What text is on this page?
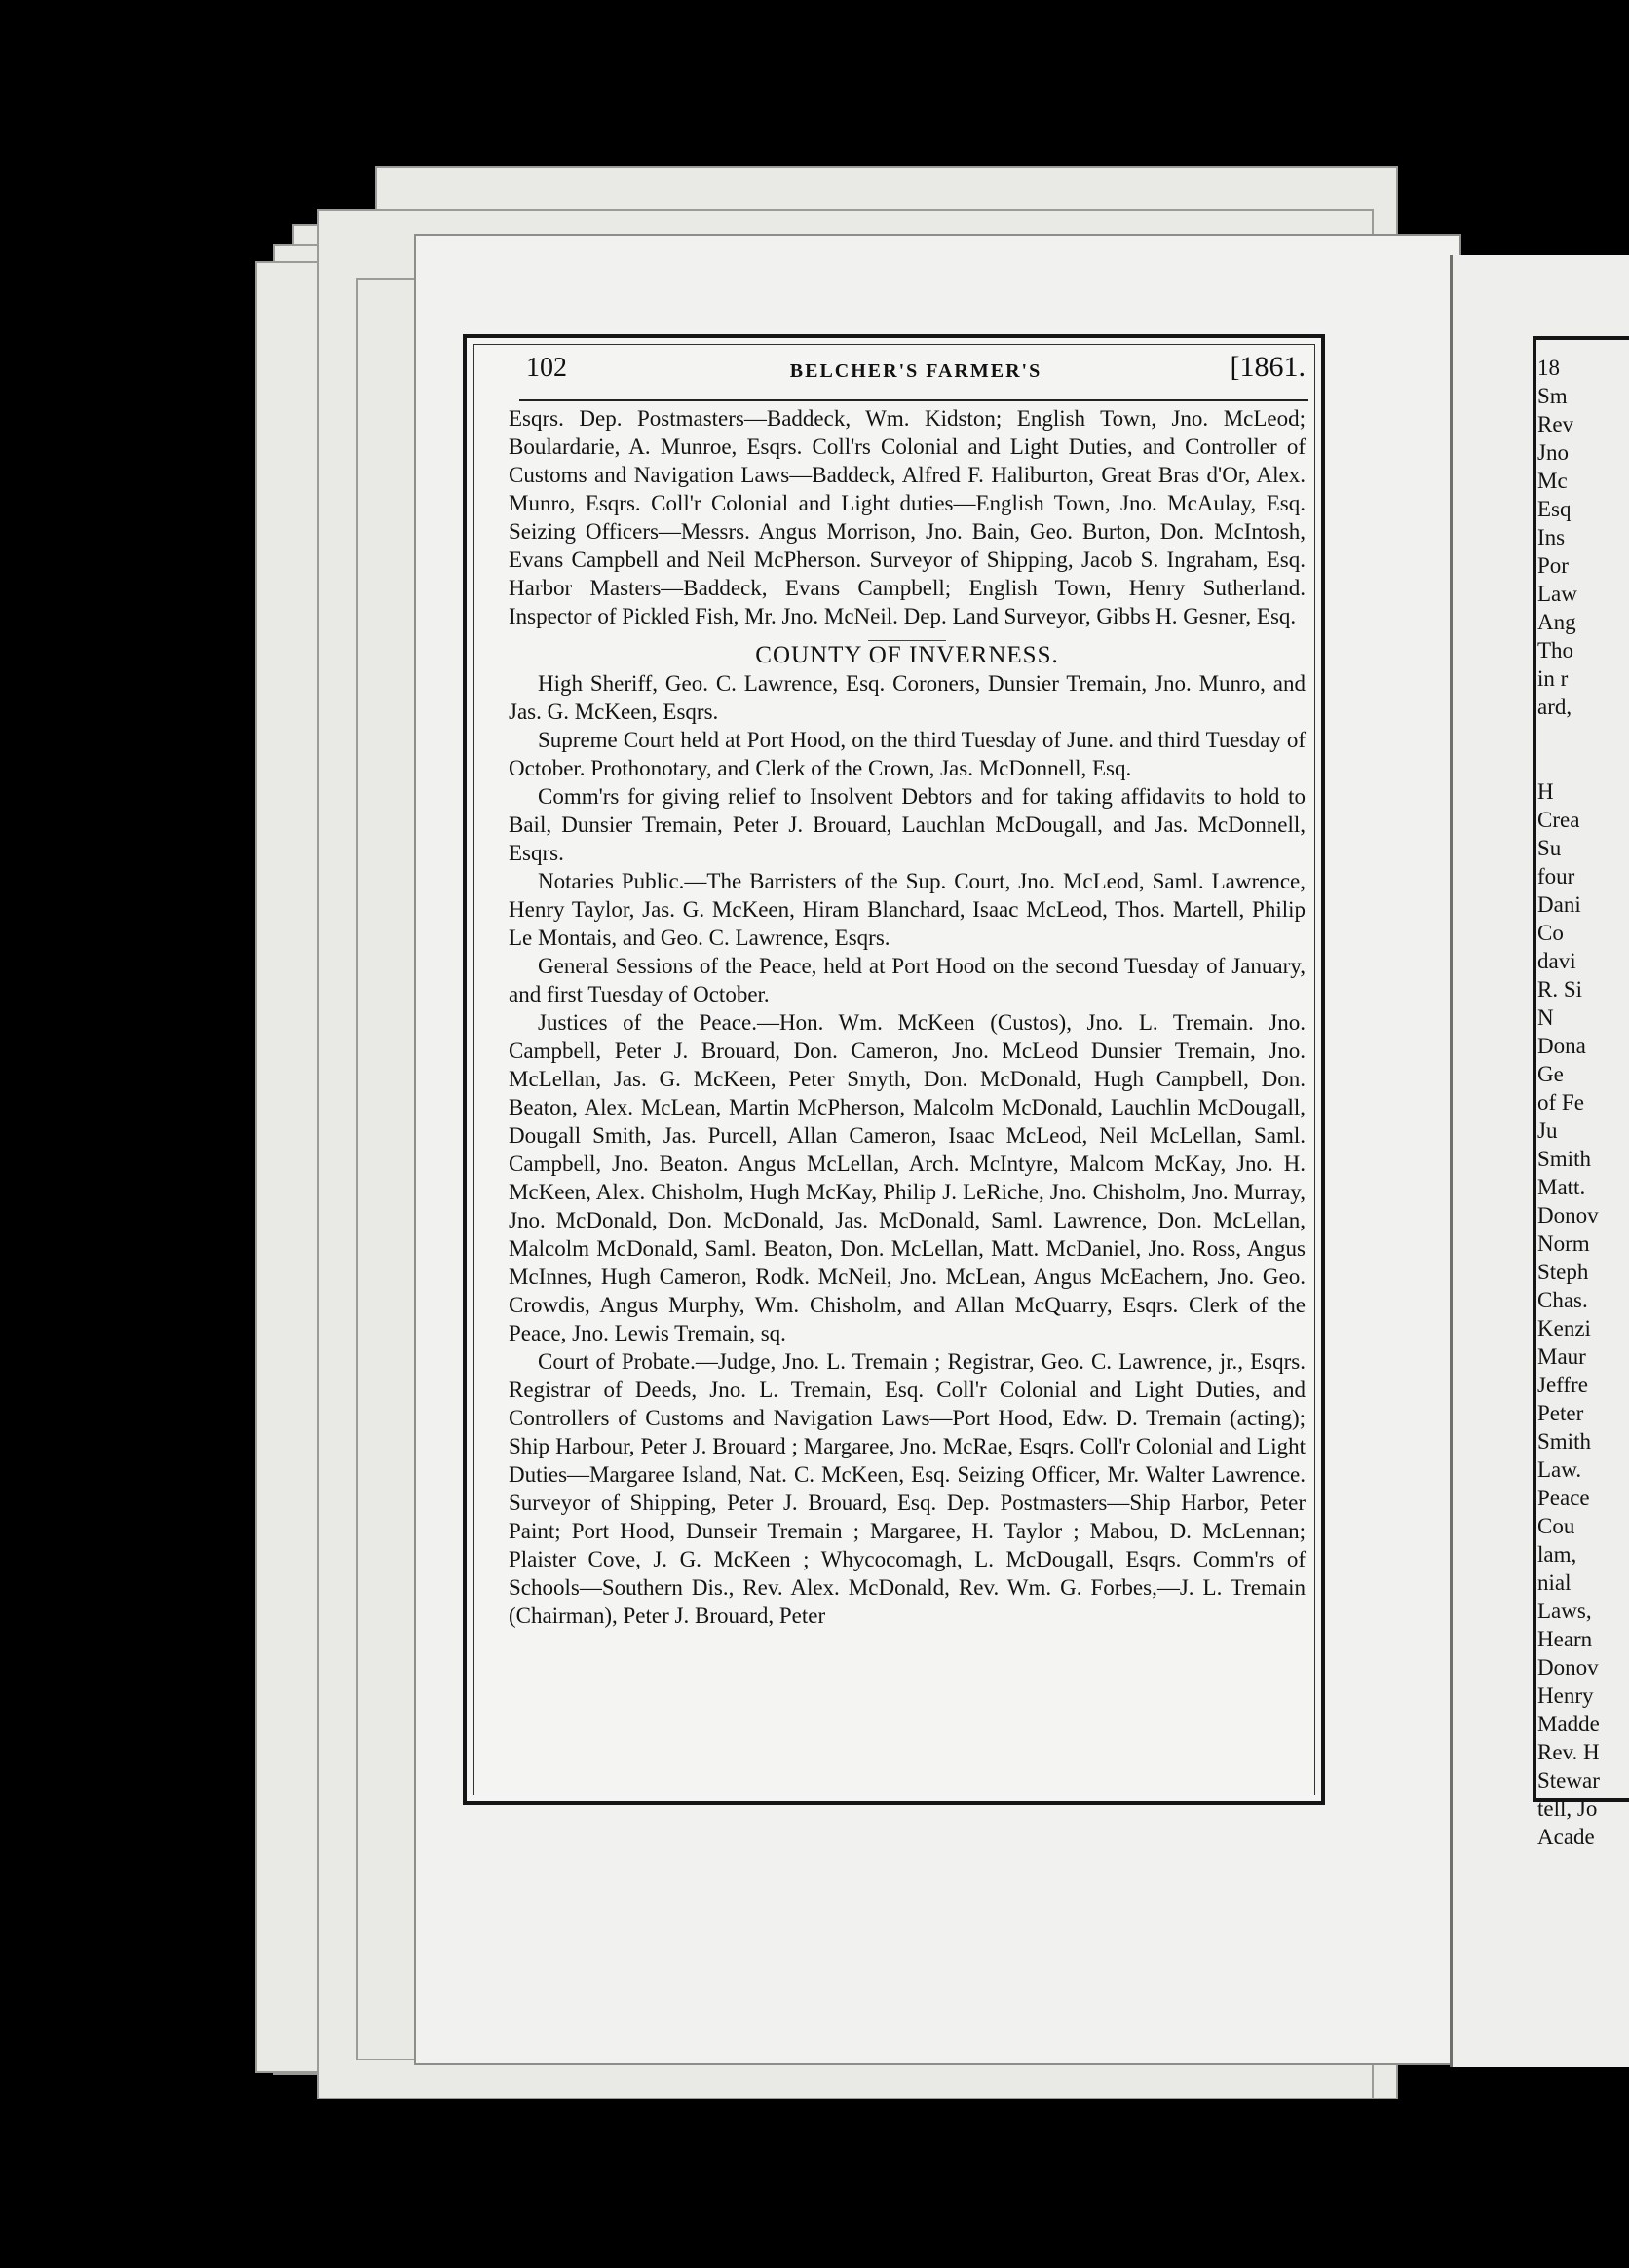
18
Sm
Rev
Jno
Mc
Esq
Ins
Por
Law
Ang
Tho
in r
ard,
H
Crea
Su
four
Dani
Co
davi
R. Si
N
Dona
Ge
of Fe
Ju
Smith
Matt.
Donov
Norm
Steph
Chas.
Kenzi
Maur
Jeffre
Peter
Smith
Law.
Peace
Cou
lam,
nial
Laws,
Hearn
Donov
Henry
Madde
Rev. H
Stewar
tell, Jo
Acade
102	BELCHER'S FARMER'S	[1861.

Esqrs. Dep. Postmasters—Baddeck, Wm. Kidston; English Town, Jno. McLeod; Boulardarie, A. Munroe, Esqrs. Coll'rs Colonial and Light Duties, and Controller of Customs and Navigation Laws—Baddeck, Alfred F. Haliburton, Great Bras d'Or, Alex. Munro, Esqrs. Coll'r Colonial and Light duties—English Town, Jno. McAulay, Esq. Seizing Officers—Messrs. Angus Morrison, Jno. Bain, Geo. Burton, Don. McIntosh, Evans Campbell and Neil McPherson. Surveyor of Shipping, Jacob S. Ingraham, Esq. Harbor Masters—Baddeck, Evans Campbell; English Town, Henry Sutherland. Inspector of Pickled Fish, Mr. Jno. McNeil. Dep. Land Surveyor, Gibbs H. Gesner, Esq.

COUNTY OF INVERNESS.

High Sheriff, Geo. C. Lawrence, Esq. Coroners, Dunsier Tremain, Jno. Munro, and Jas. G. McKeen, Esqrs.

Supreme Court held at Port Hood, on the third Tuesday of June. and third Tuesday of October. Prothonotary, and Clerk of the Crown, Jas. McDonnell, Esq.

Comm'rs for giving relief to Insolvent Debtors and for taking affidavits to hold to Bail, Dunsier Tremain, Peter J. Brouard, Lauchlan McDougall, and Jas. McDonnell, Esqrs.

Notaries Public.—The Barristers of the Sup. Court, Jno. McLeod, Saml. Lawrence, Henry Taylor, Jas. G. McKeen, Hiram Blanchard, Isaac McLeod, Thos. Martell, Philip Le Montais, and Geo. C. Lawrence, Esqrs.

General Sessions of the Peace, held at Port Hood on the second Tuesday of January, and first Tuesday of October.

Justices of the Peace.—Hon. Wm. McKeen (Custos), Jno. L. Tremain. Jno. Campbell, Peter J. Brouard, Don. Cameron, Jno. McLeod Dunsier Tremain, Jno. McLellan, Jas. G. McKeen, Peter Smyth, Don. McDonald, Hugh Campbell, Don. Beaton, Alex. McLean, Martin McPherson, Malcolm McDonald, Lauchlin McDougall, Dougall Smith, Jas. Purcell, Allan Cameron, Isaac McLeod, Neil McLellan, Saml. Campbell, Jno. Beaton. Angus McLellan, Arch. McIntyre, Malcom McKay, Jno. H. McKeen, Alex. Chisholm, Hugh McKay, Philip J. LeRiche, Jno. Chisholm, Jno. Murray, Jno. McDonald, Don. McDonald, Jas. McDonald, Saml. Lawrence, Don. McLellan, Malcolm McDonald, Saml. Beaton, Don. McLellan, Matt. McDaniel, Jno. Ross, Angus McInnes, Hugh Cameron, Rodk. McNeil, Jno. McLean, Angus McEachern, Jno. Geo. Crowdis, Angus Murphy, Wm. Chisholm, and Allan McQuarry, Esqrs. Clerk of the Peace, Jno. Lewis Tremain, sq.

Court of Probate.—Judge, Jno. L. Tremain ; Registrar, Geo. C. Lawrence, jr., Esqrs. Registrar of Deeds, Jno. L. Tremain, Esq. Coll'r Colonial and Light Duties, and Controllers of Customs and Navigation Laws—Port Hood, Edw. D. Tremain (acting); Ship Harbour, Peter J. Brouard ; Margaree, Jno. McRae, Esqrs. Coll'r Colonial and Light Duties—Margaree Island, Nat. C. McKeen, Esq. Seizing Officer, Mr. Walter Lawrence. Surveyor of Shipping, Peter J. Brouard, Esq. Dep. Postmasters—Ship Harbor, Peter Paint; Port Hood, Dunseir Tremain ; Margaree, H. Taylor ; Mabou, D. McLennan; Plaister Cove, J. G. McKeen ; Whycocomagh, L. McDougall, Esqrs. Comm'rs of Schools—Southern Dis., Rev. Alex. McDonald, Rev. Wm. G. Forbes,—J. L. Tremain (Chairman), Peter J. Brouard, Peter
